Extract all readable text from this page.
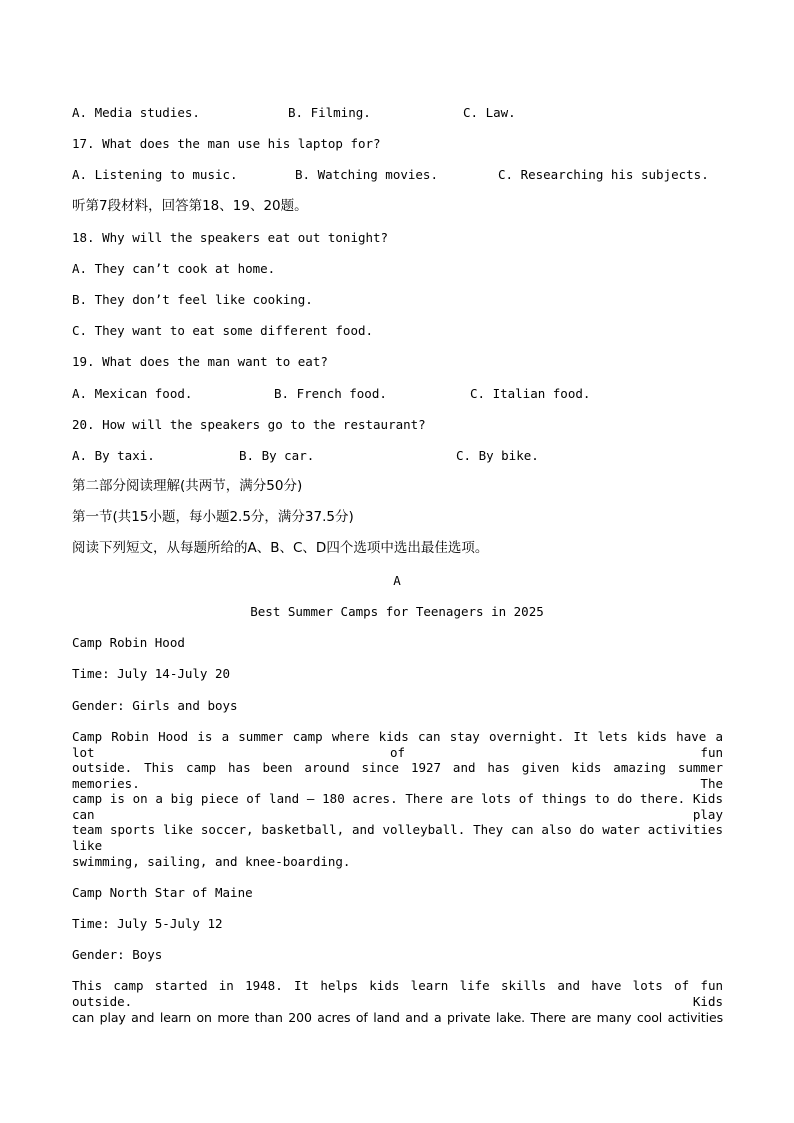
A. Media studies.	B. Filming.	C. Law.
17. What does the man use his laptop for?
A. Listening to music.	B. Watching movies.	C. Researching his subjects.
听第7段材料，回答第18、19、20题。
18. Why will the speakers eat out tonight?
A. They can’t cook at home.
B. They don’t feel like cooking.
C. They want to eat some different food.
19. What does the man want to eat?
A. Mexican food.	B. French food.	C. Italian food.
20. How will the speakers go to the restaurant?
A. By taxi.	B. By car.	C. By bike.
第二部分阅读理解(共两节，满分50分)
第一节(共15小题，每小题2.5分，满分37.5分)
阅读下列短文，从每题所给的A、B、C、D四个选项中选出最佳选项。
A
Best Summer Camps for Teenagers in 2025
Camp Robin Hood
Time: July 14-July 20
Gender: Girls and boys
Camp Robin Hood is a summer camp where kids can stay overnight. It lets kids have a lot of fun
outside. This camp has been around since 1927 and has given kids amazing summer memories. The
camp is on a big piece of land — 180 acres. There are lots of things to do there. Kids can play
team sports like soccer, basketball, and volleyball. They can also do water activities like
swimming, sailing, and knee-boarding.
Camp North Star of Maine
Time: July 5-July 12
Gender: Boys
This camp started in 1948. It helps kids learn life skills and have lots of fun outside. Kids
can play and learn on more than 200 acres of land and a private lake. There are many cool activities
